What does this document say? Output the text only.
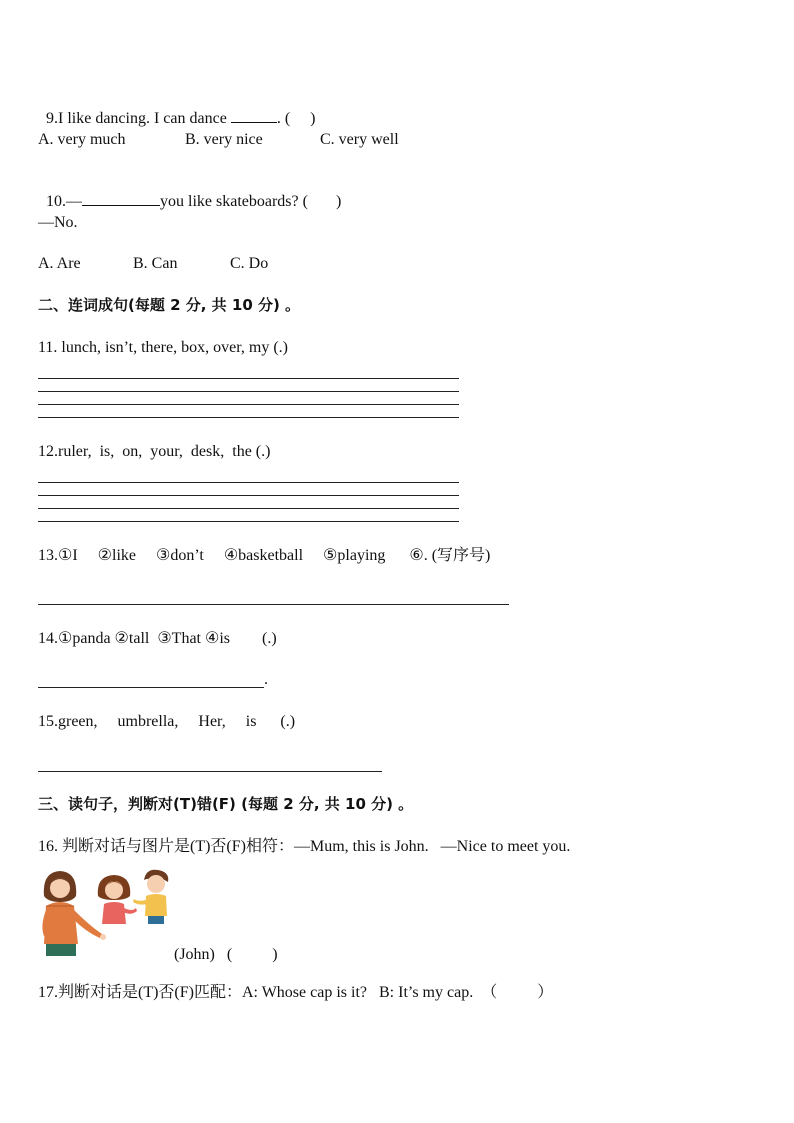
9.I like dancing. I can dance	. (     )

A. very much	B. very nice	C. very well

10.—	you like skateboards? (       )

—No.
A. Are	B. Can	C. Do
二、连词成句(每题 2 分, 共 10 分) 。
11. lunch, isn’t, there, box, over, my (.)
12.ruler,  is,  on,  your,  desk,  the (.)
13.①I     ②like     ③don’t     ④basketball     ⑤playing      ⑥. (写序号)
14.①panda ②tall  ③That ④is        (.)
.
15.green,     umbrella,     Her,     is      (.)
三、读句子，判断对(T)错(F) (每题 2 分, 共 10 分) 。
16. 判断对话与图片是(T)否(F)相符：—Mum, this is John.   —Nice to meet you.
(John)   (          )
17.判断对话是(T)否(F)匹配：A: Whose cap is it?   B: It’s my cap.  （          ）
